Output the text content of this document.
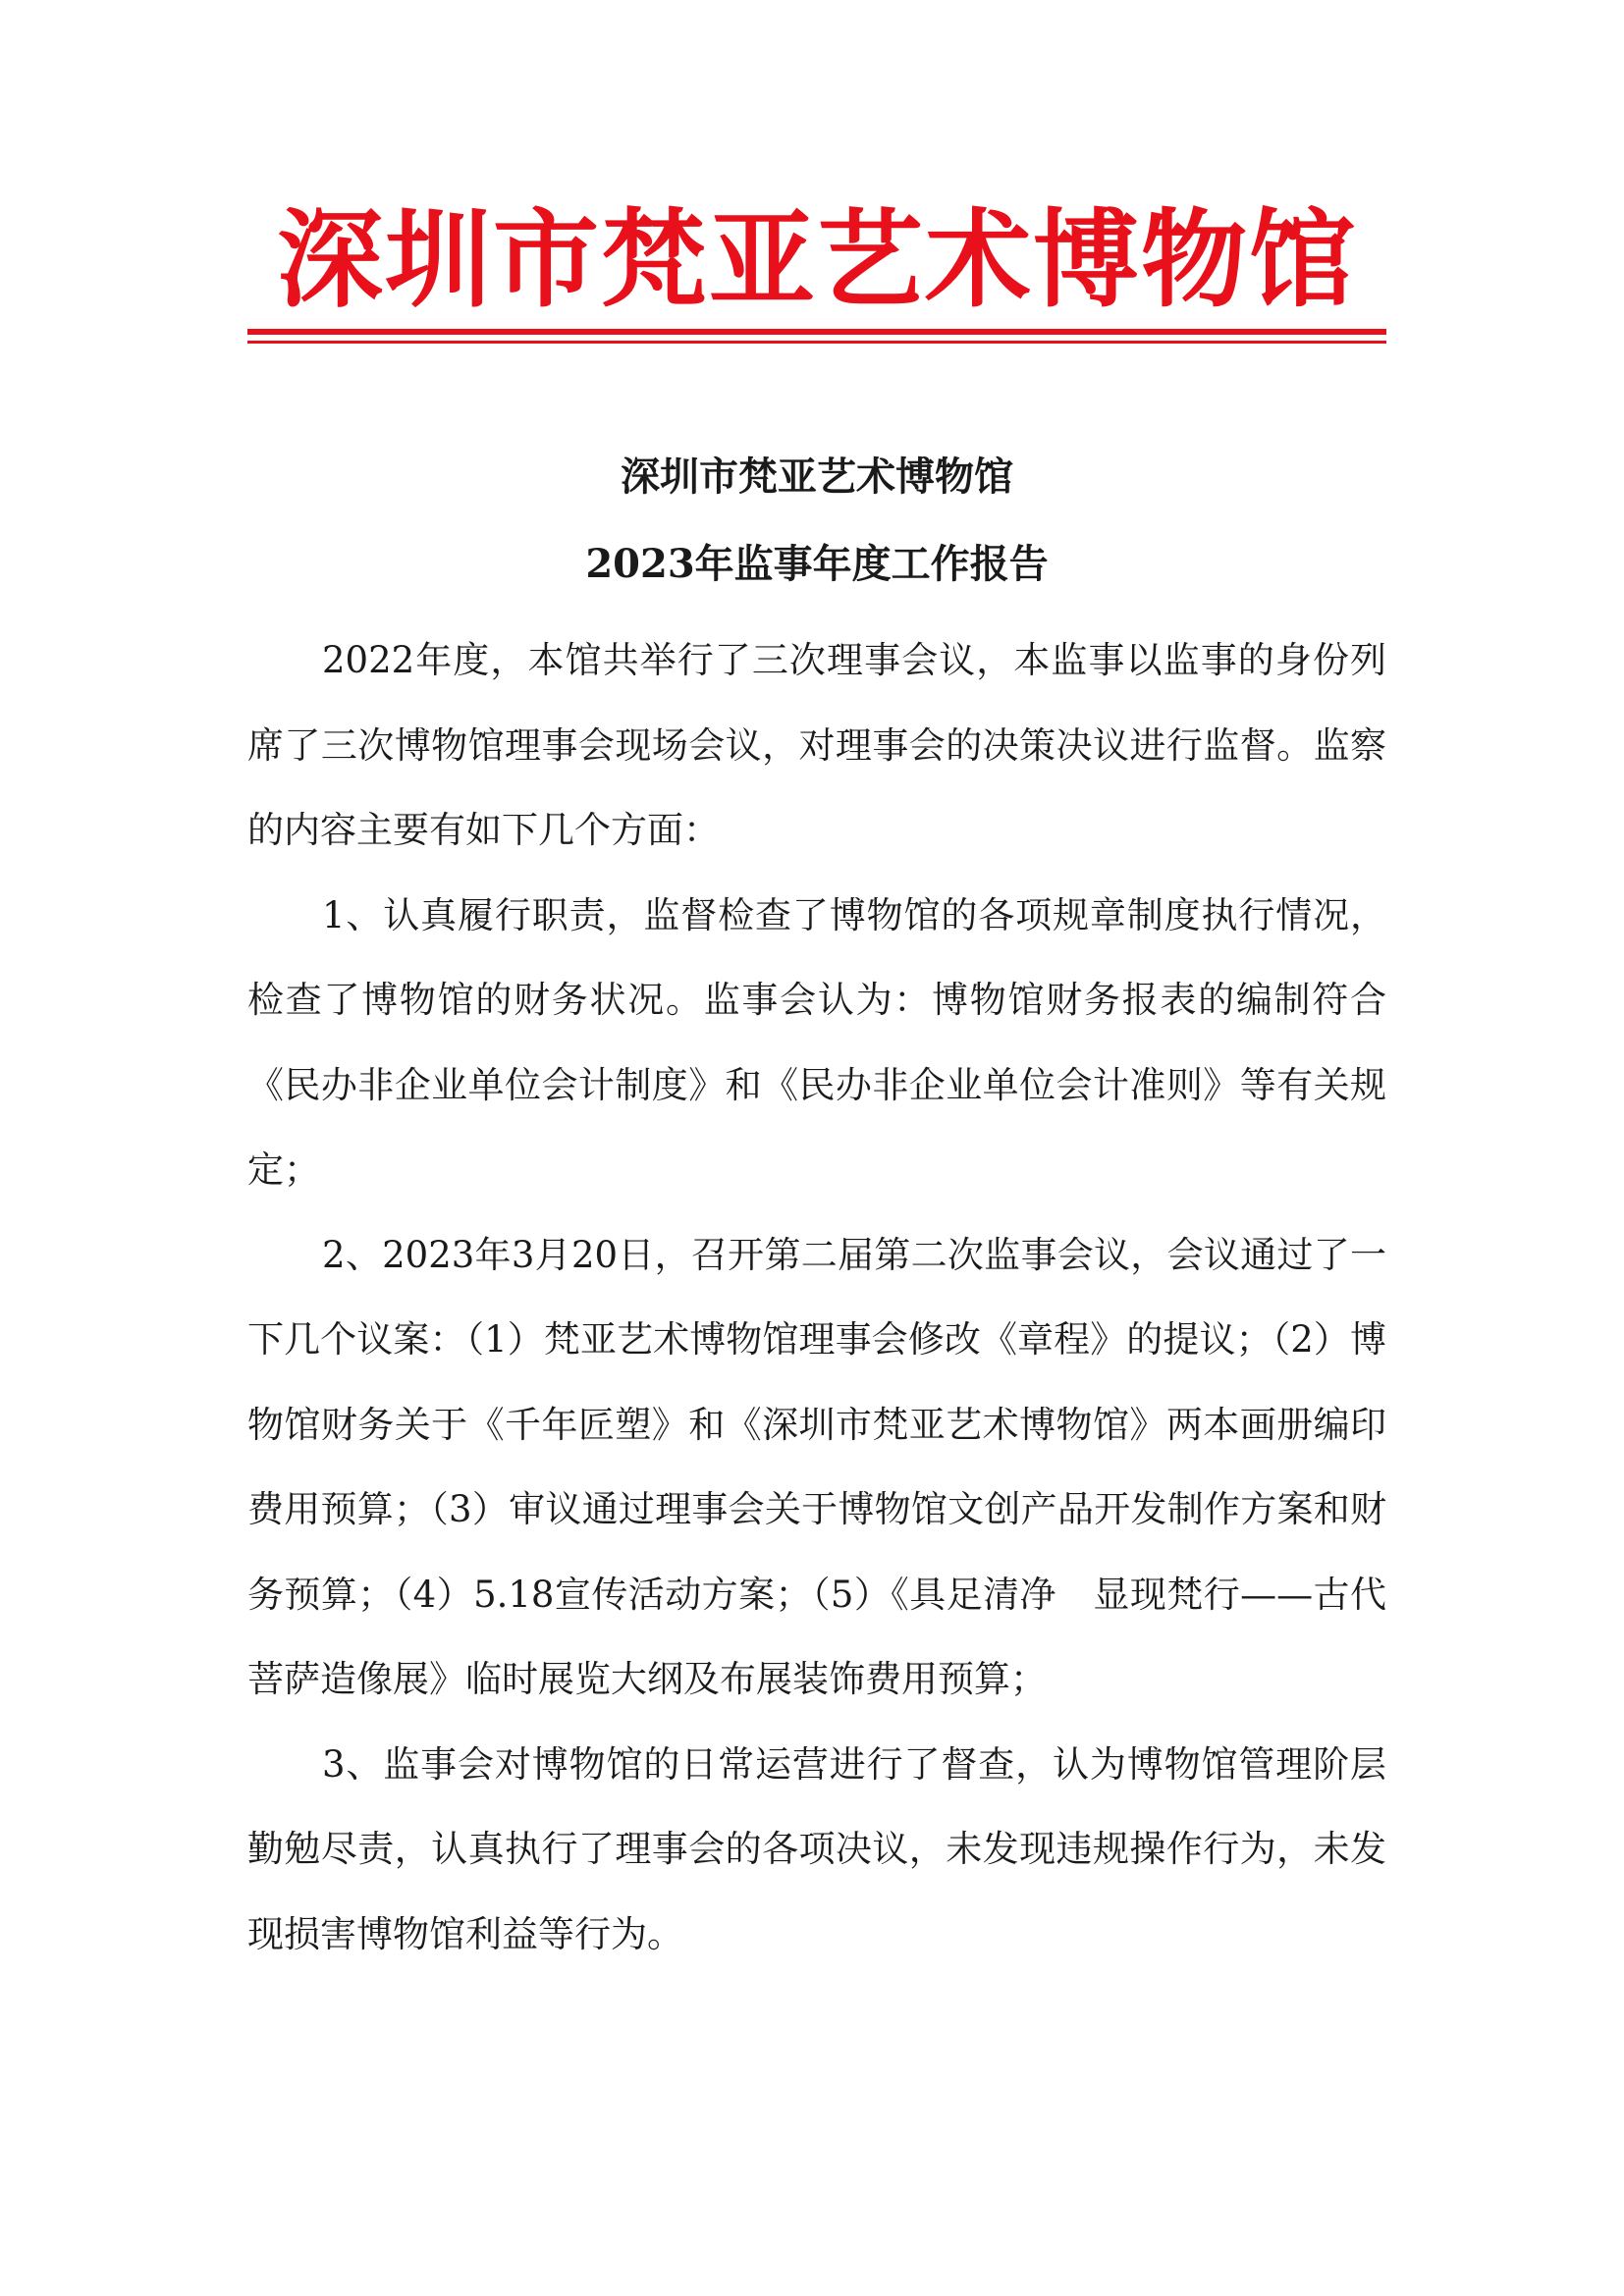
深圳市梵亚艺术博物馆
深圳市梵亚艺术博物馆
2023年监事年度工作报告

2022年度，本馆共举行了三次理事会议，本监事以监事的身份列席了三次博物馆理事会现场会议，对理事会的决策决议进行监督。监察的内容主要有如下几个方面：

1、认真履行职责，监督检查了博物馆的各项规章制度执行情况，检查了博物馆的财务状况。监事会认为：博物馆财务报表的编制符合《民办非企业单位会计制度》和《民办非企业单位会计准则》等有关规定；

2、2023年3月20日，召开第二届第二次监事会议，会议通过了一下几个议案：（1）梵亚艺术博物馆理事会修改《章程》的提议；（2）博物馆财务关于《千年匠塑》和《深圳市梵亚艺术博物馆》两本画册编印费用预算；（3）审议通过理事会关于博物馆文创产品开发制作方案和财务预算；（4）5.18宣传活动方案；（5）《具足清净　显现梵行——古代菩萨造像展》临时展览大纲及布展装饰费用预算；

3、监事会对博物馆的日常运营进行了督查，认为博物馆管理阶层勤勉尽责，认真执行了理事会的各项决议，未发现违规操作行为，未发现损害博物馆利益等行为。
